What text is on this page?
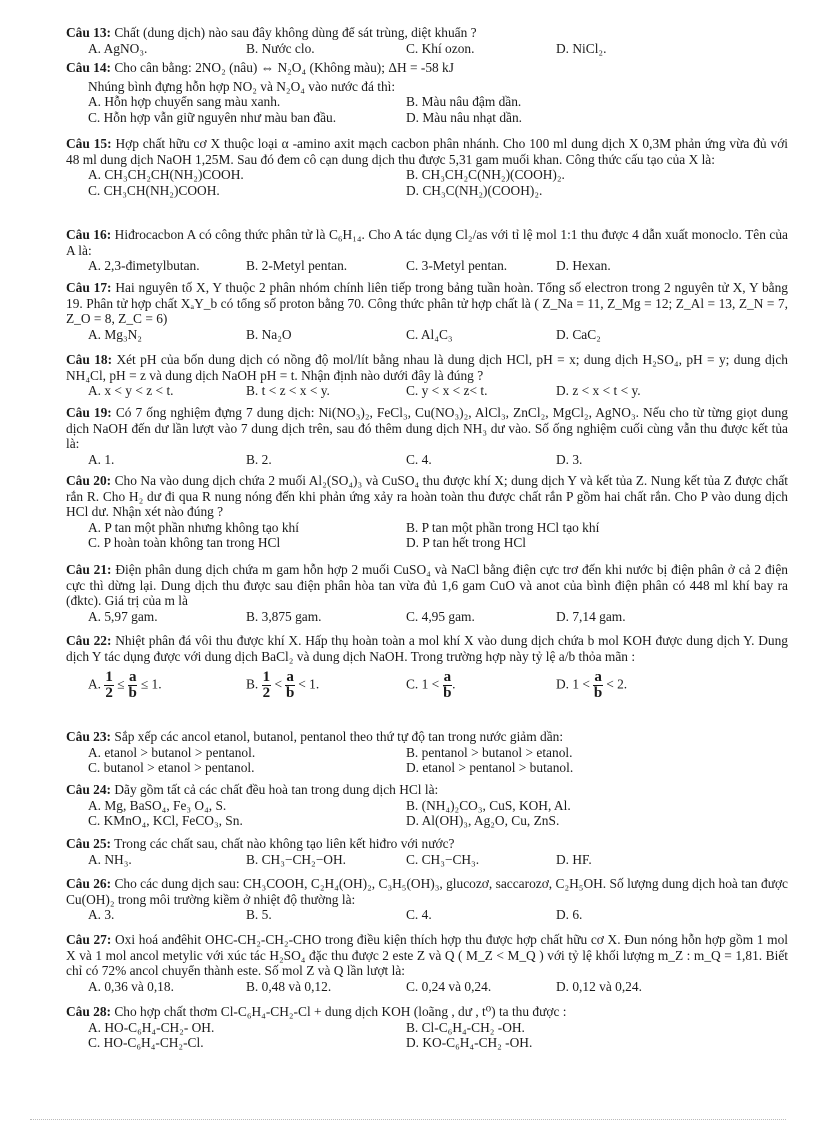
Câu 13: Chất (dung dịch) nào sau đây không dùng để sát trùng, diệt khuẩn ?
A. AgNO₃.	B. Nước clo.	C. Khí ozon.	D. NiCl₂.
Câu 14: Cho cân bằng: 2NO₂ (nâu) ⇔ N₂O₄ (Không màu); ΔH = -58 kJ
Nhúng bình đựng hỗn hợp NO₂ và N₂O₄ vào nước đá thì:
A. Hỗn hợp chuyển sang màu xanh.	B. Màu nâu đậm dần.
C. Hỗn hợp vẫn giữ nguyên như màu ban đầu.	D. Màu nâu nhạt dần.
Câu 15: Hợp chất hữu cơ X thuộc loại α -amino axit mạch cacbon phân nhánh. Cho 100 ml dung dịch X 0,3M phản ứng vừa đủ với 48 ml dung dịch NaOH 1,25M. Sau đó đem cô cạn dung dịch thu được 5,31 gam muối khan. Công thức cấu tạo của X là:
A. CH₃CH₂CH(NH₂)COOH.	B. CH₃CH₂C(NH₂)(COOH)₂.
C. CH₃CH(NH₂)COOH.	D. CH₃C(NH₂)(COOH)₂.
Câu 16: Hiđrocacbon A có công thức phân tử là C₆H₁₄. Cho A tác dụng Cl₂/as với tỉ lệ mol 1:1 thu được 4 dẫn xuất monoclo. Tên của A là:
A. 2,3-đimetylbutan.	B. 2-Metyl pentan.	C. 3-Metyl pentan.	D. Hexan.
Câu 17: Hai nguyên tố X, Y thuộc 2 phân nhóm chính liên tiếp trong bảng tuần hoàn. Tổng số electron trong 2 nguyên tử X, Y bằng 19. Phân tử hợp chất XₐY_b có tổng số proton bằng 70. Công thức phân tử hợp chất là ( Z_Na = 11, Z_Mg = 12; Z_Al = 13, Z_N = 7, Z_O = 8, Z_C = 6)
A. Mg₃N₂	B. Na₂O	C. Al₄C₃	D. CaC₂
Câu 18: Xét pH của bốn dung dịch có nồng độ mol/lít bằng nhau là dung dịch HCl, pH = x; dung dịch H₂SO₄, pH = y; dung dịch NH₄Cl, pH = z và dung dịch NaOH pH = t. Nhận định nào dưới đây là đúng ?
A. x < y < z < t.	B. t < z < x < y.	C. y < x < z< t.	D. z < x < t < y.
Câu 19: Có 7 ống nghiệm đựng 7 dung dịch: Ni(NO₃)₂, FeCl₃, Cu(NO₃)₂, AlCl₃, ZnCl₂, MgCl₂, AgNO₃. Nếu cho từ từng giọt dung dịch NaOH đến dư lần lượt vào 7 dung dịch trên, sau đó thêm dung dịch NH₃ dư vào. Số ống nghiệm cuối cùng vẫn thu được kết tủa là:
A. 1.	B. 2.	C. 4.	D. 3.
Câu 20: Cho Na vào dung dịch chứa 2 muối Al₂(SO₄)₃ và CuSO₄ thu được khí X; dung dịch Y và kết tủa Z. Nung kết tủa Z được chất rắn R. Cho H₂ dư đi qua R nung nóng đến khi phản ứng xảy ra hoàn toàn thu được chất rắn P gồm hai chất rắn. Cho P vào dung dịch HCl dư. Nhận xét nào đúng ?
A. P tan một phần nhưng không tạo khí	B. P tan một phần trong HCl tạo khí
C. P hoàn toàn không tan trong HCl	D. P tan hết trong HCl
Câu 21: Điện phân dung dịch chứa m gam hỗn hợp 2 muối CuSO₄ và NaCl bằng điện cực trơ đến khi nước bị điện phân ở cả 2 điện cực thì dừng lại. Dung dịch thu được sau điện phân hòa tan vừa đủ 1,6 gam CuO và anot của bình điện phân có 448 ml khí bay ra (đktc). Giá trị của m là
A. 5,97 gam.	B. 3,875 gam.	C. 4,95 gam.	D. 7,14 gam.
Câu 22: Nhiệt phân đá vôi thu được khí X. Hấp thụ hoàn toàn a mol khí X vào dung dịch chứa b mol KOH được dung dịch Y. Dung dịch Y tác dụng được với dung dịch BaCl₂ và dung dịch NaOH. Trong trường hợp này tỷ lệ a/b thỏa mãn :
A. $\frac{1}{2} \le \frac{a}{b} \le 1$.	B. $\frac{1}{2} < \frac{a}{b} < 1$.	C. $1 < \frac{a}{b}$ .	D. $1 < \frac{a}{b} < 2$.
Câu 23: Sắp xếp các ancol etanol, butanol, pentanol theo thứ tự độ tan trong nước giảm dần:
A. etanol > butanol > pentanol.	B. pentanol > butanol > etanol.
C. butanol > etanol > pentanol.	D. etanol > pentanol > butanol.
Câu 24: Dãy gồm tất cả các chất đều hoà tan trong dung dịch HCl là:
A. Mg, BaSO₄, Fe₃ O₄, S.	B. (NH₄)₂CO₃, CuS, KOH, Al.
C. KMnO₄, KCl, FeCO₃, Sn.	D. Al(OH)₃, Ag₂O, Cu, ZnS.
Câu 25: Trong các chất sau, chất nào không tạo liên kết hiđro với nước?
A. NH₃.	B. CH₃−CH₂−OH.	C. CH₃−CH₃.	D. HF.
Câu 26: Cho các dung dịch sau: CH₃COOH, C₂H₄(OH)₂, C₃H₅(OH)₃, glucozơ, saccarozơ, C₂H₅OH. Số lượng dung dịch hoà tan được Cu(OH)₂ trong môi trường kiềm ở nhiệt độ thường là:
A. 3.	B. 5.	C. 4.	D. 6.
Câu 27: Oxi hoá anđêhit OHC-CH₂-CH₂-CHO trong điều kiện thích hợp thu được hợp chất hữu cơ X. Đun nóng hỗn hợp gồm 1 mol X và 1 mol ancol metylic với xúc tác H₂SO₄ đặc thu được 2 este Z và Q ( M_Z < M_Q ) với tỷ lệ khối lượng m_Z : m_Q = 1,81. Biết chỉ có 72% ancol chuyển thành este. Số mol Z và Q lần lượt là:
A. 0,36 và 0,18.	B. 0,48 và 0,12.	C. 0,24 và 0,24.	D. 0,12 và 0,24.
Câu 28: Cho hợp chất thơm Cl-C₆H₄-CH₂-Cl + dung dịch KOH (loãng , dư , t⁰) ta thu được :
A. HO-C₆H₄-CH₂- OH.	B. Cl-C₆H₄-CH₂ -OH.
C. HO-C₆H₄-CH₂-Cl.	D. KO-C₆H₄-CH₂ -OH.
